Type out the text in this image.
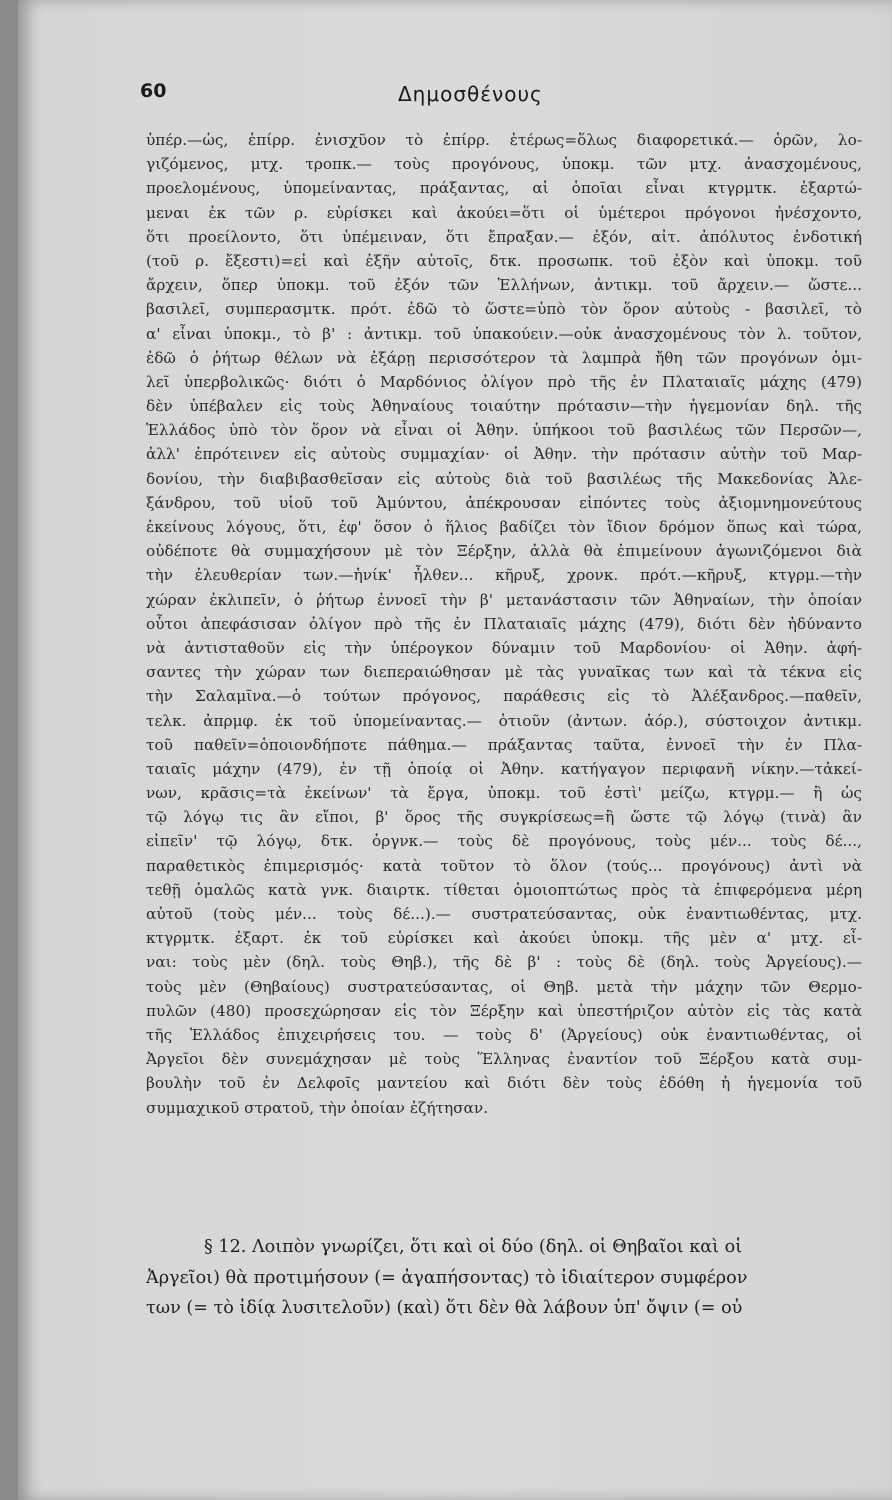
60	Δημοσθένους
ὑπέρ.—ὡς, ἐπίρρ. ἐνισχῦον τὸ ἐπίρρ. ἑτέρως=ὅλως διαφορετικά.— ὁρῶν, λο-
γιζόμενος, μτχ. τροπκ.— τοὺς προγόνους, ὑποκμ. τῶν μτχ. ἀνασχομένους,
προελομένους, ὑπομείναντας, πράξαντας, αἱ ὁποῖαι εἶναι κτγρμτκ. ἐξαρτώ-
μεναι ἐκ τῶν ρ. εὑρίσκει καὶ ἀκούει=ὅτι οἱ ὑμέτεροι πρόγονοι ἠνέσχοντο,
ὅτι προείλοντο, ὅτι ὑπέμειναν, ὅτι ἔπραξαν.— ἐξόν, αἰτ. ἀπόλυτος ἐνδοτική
(τοῦ ρ. ἔξεστι)=εἰ καὶ ἐξῆν αὐτοῖς, δτκ. προσωπκ. τοῦ ἐξὸν καὶ ὑποκμ. τοῦ
ἄρχειν, ὅπερ ὑποκμ. τοῦ ἐξόν τῶν Ἑλλήνων, ἀντικμ. τοῦ ἄρχειν.— ὥστε...
βασιλεῖ, συμπερασμτκ. πρότ. ἐδῶ τὸ ὥστε=ὑπὸ τὸν ὅρον αὐτοὺς - βασιλεῖ, τὸ
α' εἶναι ὑποκμ., τὸ β' : ἀντικμ. τοῦ ὑπακούειν.—οὐκ ἀνασχομένους τὸν λ. τοῦτον,
ἐδῶ ὁ ῥήτωρ θέλων νὰ ἐξάρῃ περισσότερον τὰ λαμπρὰ ἤθη τῶν προγόνων ὁμι-
λεῖ ὑπερβολικῶς· διότι ὁ Μαρδόνιος ὀλίγον πρὸ τῆς ἐν Πλαταιαῖς μάχης (479)
δὲν ὑπέβαλεν εἰς τοὺς Ἀθηναίους τοιαύτην πρότασιν—τὴν ἡγεμονίαν δηλ. τῆς
Ἑλλάδος ὑπὸ τὸν ὅρον νὰ εἶναι οἱ Ἀθην. ὑπήκοοι τοῦ βασιλέως τῶν Περσῶν—,
ἀλλ' ἐπρότεινεν εἰς αὐτοὺς συμμαχίαν· οἱ Ἀθην. τὴν πρότασιν αὐτὴν τοῦ Μαρ-
δονίου, τὴν διαβιβασθεῖσαν εἰς αὐτοὺς διὰ τοῦ βασιλέως τῆς Μακεδονίας Ἀλε-
ξάνδρου, τοῦ υἱοῦ τοῦ Ἀμύντου, ἀπέκρουσαν εἰπόντες τοὺς ἀξιομνημονεύτους
ἐκείνους λόγους, ὅτι, ἐφ' ὅσον ὁ ἥλιος βαδίζει τὸν ἴδιον δρόμον ὅπως καὶ τώρα,
οὐδέποτε θὰ συμμαχήσουν μὲ τὸν Ξέρξην, ἀλλὰ θὰ ἐπιμείνουν ἀγωνιζόμενοι διὰ
τὴν ἐλευθερίαν των.—ἡνίκ' ἦλθεν... κῆρυξ, χρονκ. πρότ.—κῆρυξ, κτγρμ.—τὴν
χώραν ἐκλιπεῖν, ὁ ῥήτωρ ἐννοεῖ τὴν β' μετανάστασιν τῶν Ἀθηναίων, τὴν ὁποίαν
οὗτοι ἀπεφάσισαν ὀλίγον πρὸ τῆς ἐν Πλαταιαῖς μάχης (479), διότι δὲν ἠδύναντο
νὰ ἀντισταθοῦν εἰς τὴν ὑπέρογκον δύναμιν τοῦ Μαρδονίου· οἱ Ἀθην. ἀφή-
σαντες τὴν χώραν των διεπεραιώθησαν μὲ τὰς γυναῖκας των καὶ τὰ τέκνα εἰς
τὴν Σαλαμῖνα.—ὁ τούτων πρόγονος, παράθεσις εἰς τὸ Ἀλέξανδρος.—παθεῖν,
τελκ. ἀπρμφ. ἐκ τοῦ ὑπομείναντας.— ὁτιοῦν (ἀντων. ἀόρ.), σύστοιχον ἀντικμ.
τοῦ παθεῖν=ὁποιονδήποτε πάθημα.— πράξαντας ταῦτα, ἐννοεῖ τὴν ἐν Πλα-
ταιαῖς μάχην (479), ἐν τῇ ὁποίᾳ οἱ Ἀθην. κατήγαγον περιφανῆ νίκην.—τἀκεί-
νων, κρᾶσις=τὰ ἐκείνων' τὰ ἔργα, ὑποκμ. τοῦ ἐστὶ' μείζω, κτγρμ.— ἢ ὡς
τῷ λόγῳ τις ἂν εἴποι, β' ὅρος τῆς συγκρίσεως=ἢ ὥστε τῷ λόγῳ (τινὰ) ἂν
εἰπεῖν' τῷ λόγῳ, δτκ. ὀργνκ.— τοὺς δὲ προγόνους, τοὺς μέν... τοὺς δέ...,
παραθετικὸς ἐπιμερισμός· κατὰ τοῦτον τὸ ὅλον (τούς... προγόνους) ἀντὶ νὰ
τεθῇ ὁμαλῶς κατὰ γνκ. διαιρτκ. τίθεται ὁμοιοπτώτως πρὸς τὰ ἐπιφερόμενα μέρη
αὐτοῦ (τοὺς μέν... τοὺς δέ...).— συστρατεύσαντας, οὐκ ἐναντιωθέντας, μτχ.
κτγρμτκ. ἐξαρτ. ἐκ τοῦ εὑρίσκει καὶ ἀκούει ὑποκμ. τῆς μὲν α' μτχ. εἶ-
ναι: τοὺς μὲν (δηλ. τοὺς Θηβ.), τῆς δὲ β' : τοὺς δὲ (δηλ. τοὺς Ἀργείους).—
τοὺς μὲν (Θηβαίους) συστρατεύσαντας, οἱ Θηβ. μετὰ τὴν μάχην τῶν Θερμο-
πυλῶν (480) προσεχώρησαν εἰς τὸν Ξέρξην καὶ ὑπεστήριζον αὐτὸν εἰς τὰς κατὰ
τῆς Ἑλλάδος ἐπιχειρήσεις του. — τοὺς δ' (Ἀργείους) οὐκ ἐναντιωθέντας, οἱ
Ἀργεῖοι δὲν συνεμάχησαν μὲ τοὺς Ἕλληνας ἐναντίον τοῦ Ξέρξου κατὰ συμ-
βουλὴν τοῦ ἐν Δελφοῖς μαντείου καὶ διότι δὲν τοὺς ἐδόθη ἡ ἡγεμονία τοῦ
συμμαχικοῦ στρατοῦ, τὴν ὁποίαν ἐζήτησαν.
§ 12. Λοιπὸν γνωρίζει, ὅτι καὶ οἱ δύο (δηλ. οἱ Θηβαῖοι καὶ οἱ
Ἀργεῖοι) θὰ προτιμήσουν (= ἀγαπήσοντας) τὸ ἰδιαίτερον συμφέρον
των (= τὸ ἰδίᾳ λυσιτελοῦν) (καὶ) ὅτι δὲν θὰ λάβουν ὑπ' ὄψιν (= οὐ
